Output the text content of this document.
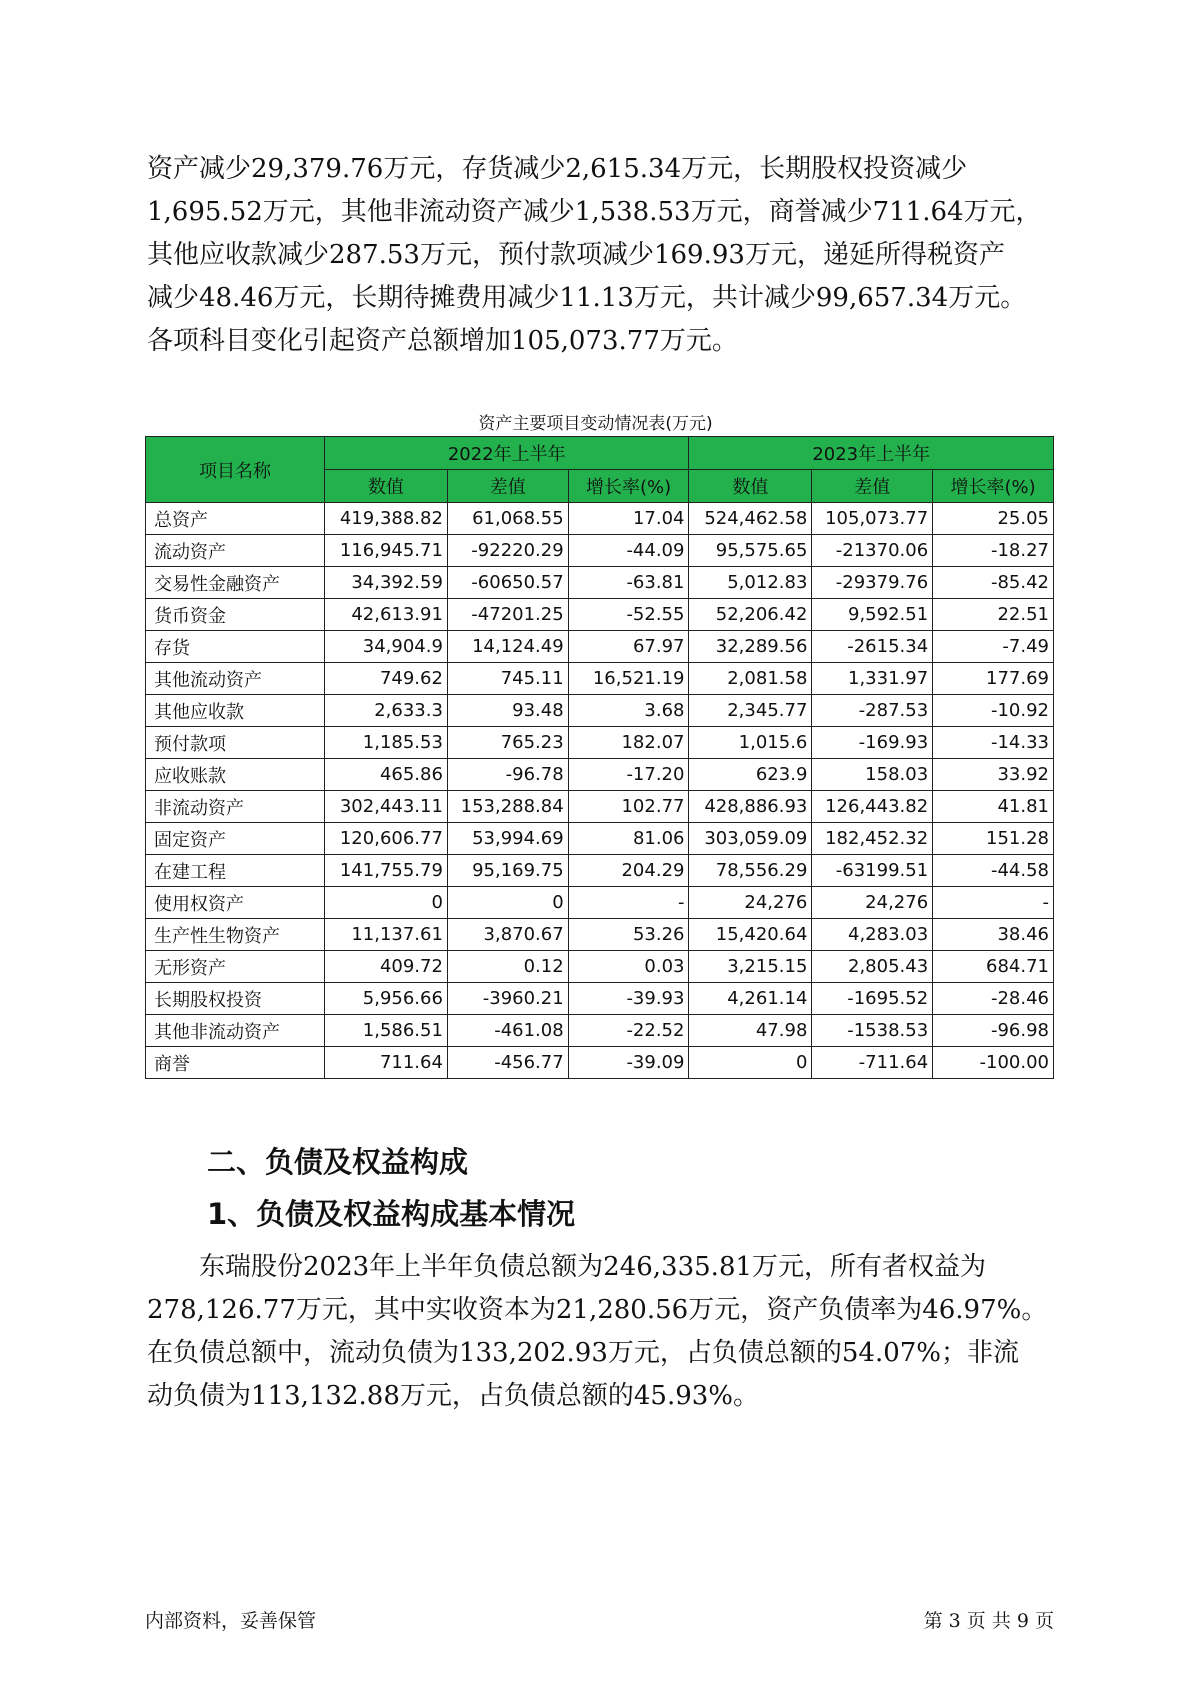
资产减少29,379.76万元，存货减少2,615.34万元，长期股权投资减少
1,695.52万元，其他非流动资产减少1,538.53万元，商誉减少711.64万元，
其他应收款减少287.53万元，预付款项减少169.93万元，递延所得税资产
减少48.46万元，长期待摊费用减少11.13万元，共计减少99,657.34万元。
各项科目变化引起资产总额增加105,073.77万元。
资产主要项目变动情况表(万元)
项目名称	2022年上半年			2023年上半年		
	数值	差值	增长率(%)	数值	差值	增长率(%)
总资产	419,388.82	61,068.55	17.04	524,462.58	105,073.77	25.05
流动资产	116,945.71	-92220.29	-44.09	95,575.65	-21370.06	-18.27
交易性金融资产	34,392.59	-60650.57	-63.81	5,012.83	-29379.76	-85.42
货币资金	42,613.91	-47201.25	-52.55	52,206.42	9,592.51	22.51
存货	34,904.9	14,124.49	67.97	32,289.56	-2615.34	-7.49
其他流动资产	749.62	745.11	16,521.19	2,081.58	1,331.97	177.69
其他应收款	2,633.3	93.48	3.68	2,345.77	-287.53	-10.92
预付款项	1,185.53	765.23	182.07	1,015.6	-169.93	-14.33
应收账款	465.86	-96.78	-17.20	623.9	158.03	33.92
非流动资产	302,443.11	153,288.84	102.77	428,886.93	126,443.82	41.81
固定资产	120,606.77	53,994.69	81.06	303,059.09	182,452.32	151.28
在建工程	141,755.79	95,169.75	204.29	78,556.29	-63199.51	-44.58
使用权资产	0	0	-	24,276	24,276	-
生产性生物资产	11,137.61	3,870.67	53.26	15,420.64	4,283.03	38.46
无形资产	409.72	0.12	0.03	3,215.15	2,805.43	684.71
长期股权投资	5,956.66	-3960.21	-39.93	4,261.14	-1695.52	-28.46
其他非流动资产	1,586.51	-461.08	-22.52	47.98	-1538.53	-96.98
商誉	711.64	-456.77	-39.09	0	-711.64	-100.00
二、负债及权益构成
1、负债及权益构成基本情况
东瑞股份2023年上半年负债总额为246,335.81万元，所有者权益为
278,126.77万元，其中实收资本为21,280.56万元，资产负债率为46.97%。
在负债总额中，流动负债为133,202.93万元，占负债总额的54.07%；非流
动负债为113,132.88万元，占负债总额的45.93%。
内部资料，妥善保管	第 3 页 共 9 页
